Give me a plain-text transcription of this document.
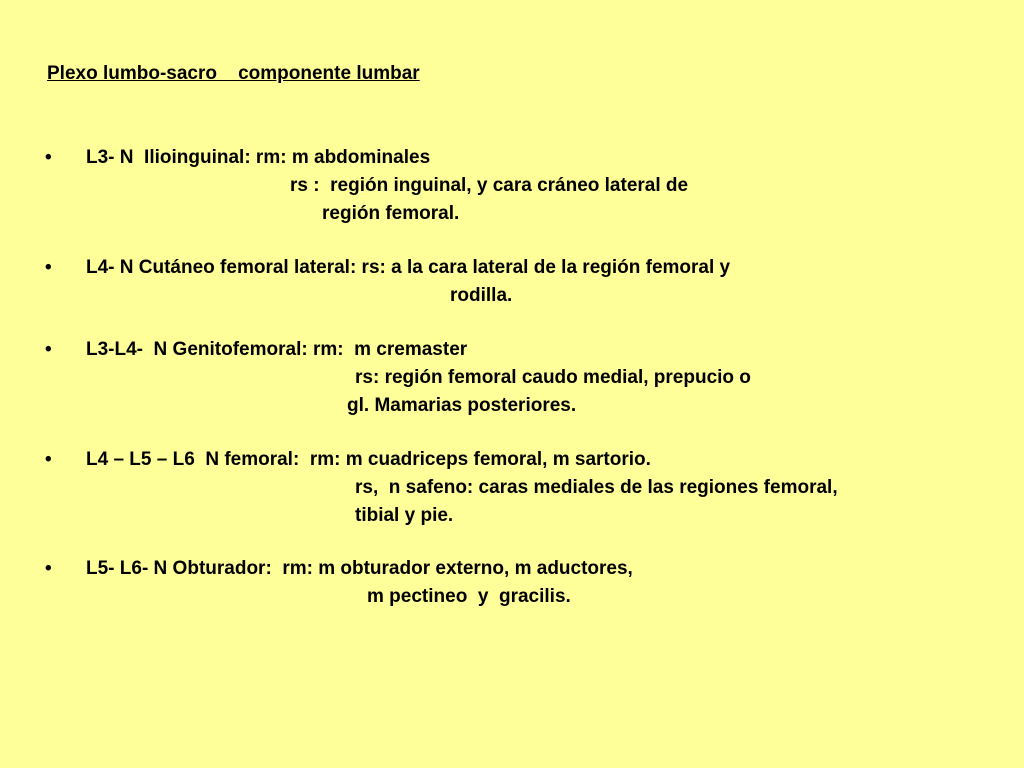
Plexo lumbo-sacro    componente lumbar
• L3- N  Ilioinguinal: rm: m abdominales
rs :  región inguinal, y cara cráneo lateral de
región femoral.
• L4- N Cutáneo femoral lateral: rs: a la cara lateral de la región femoral y
rodilla.
• L3-L4-  N Genitofemoral: rm:  m cremaster
rs: región femoral caudo medial, prepucio o
gl. Mamarias posteriores.
• L4 – L5 – L6  N femoral:  rm: m cuadriceps femoral, m sartorio.
rs,  n safeno: caras mediales de las regiones femoral,
tibial y pie.
• L5- L6- N Obturador:  rm: m obturador externo, m aductores,
m pectineo  y  gracilis.
